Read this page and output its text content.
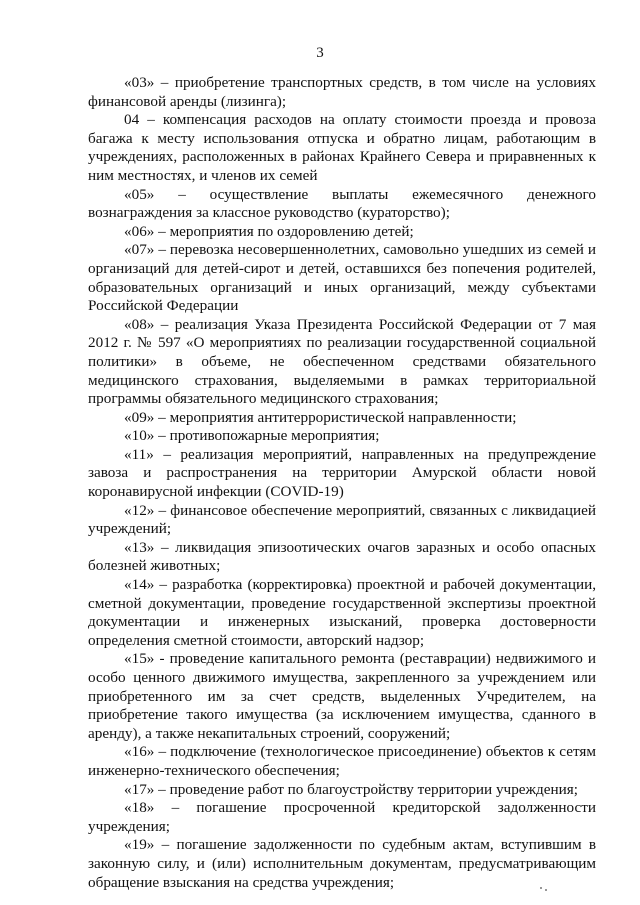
3

«03» – приобретение транспортных средств, в том числе на условиях финансовой аренды (лизинга);

04 – компенсация расходов на оплату стоимости проезда и провоза багажа к месту использования отпуска и обратно лицам, работающим в учреждениях, расположенных в районах Крайнего Севера и приравненных к ним местностях, и членов их семей

«05» – осуществление выплаты ежемесячного денежного вознаграждения за классное руководство (кураторство);

«06» – мероприятия по оздоровлению детей;

«07» – перевозка несовершеннолетних, самовольно ушедших из семей и организаций для детей-сирот и детей, оставшихся без попечения родителей, образовательных организаций и иных организаций, между субъектами Российской Федерации

«08» – реализация Указа Президента Российской Федерации от 7 мая 2012 г. № 597 «О мероприятиях по реализации государственной социальной политики» в объеме, не обеспеченном средствами обязательного медицинского страхования, выделяемыми в рамках территориальной программы обязательного медицинского страхования;

«09» – мероприятия антитеррористической направленности;

«10» – противопожарные мероприятия;

«11» – реализация мероприятий, направленных на предупреждение завоза и распространения на территории Амурской области новой коронавирусной инфекции (COVID-19)

«12» – финансовое обеспечение мероприятий, связанных с ликвидацией учреждений;

«13» – ликвидация эпизоотических очагов заразных и особо опасных болезней животных;

«14» – разработка (корректировка) проектной и рабочей документации, сметной документации, проведение государственной экспертизы проектной документации и инженерных изысканий, проверка достоверности определения сметной стоимости, авторский надзор;

«15» - проведение капитального ремонта (реставрации) недвижимого и особо ценного движимого имущества, закрепленного за учреждением или приобретенного им за счет средств, выделенных Учредителем, на приобретение такого имущества (за исключением имущества, сданного в аренду), а также некапитальных строений, сооружений;

«16» – подключение (технологическое присоединение) объектов к сетям инженерно-технического обеспечения;

«17» – проведение работ по благоустройству территории учреждения;

«18» – погашение просроченной кредиторской задолженности учреждения;

«19» – погашение задолженности по судебным актам, вступившим в законную силу, и (или) исполнительным документам, предусматривающим обращение взыскания на средства учреждения;
